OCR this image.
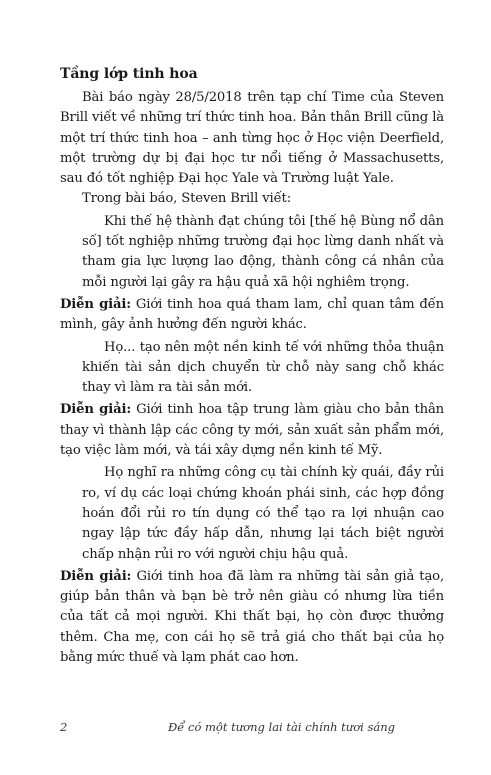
Tầng lớp tinh hoa

Bài báo ngày 28/5/2018 trên tạp chí Time của Steven Brill viết về những trí thức tinh hoa. Bản thân Brill cũng là một trí thức tinh hoa – anh từng học ở Học viện Deerfield, một trường dự bị đại học tư nổi tiếng ở Massachusetts, sau đó tốt nghiệp Đại học Yale và Trường luật Yale.

Trong bài báo, Steven Brill viết:

Khi thế hệ thành đạt chúng tôi [thế hệ Bùng nổ dân số] tốt nghiệp những trường đại học lừng danh nhất và tham gia lực lượng lao động, thành công cá nhân của mỗi người lại gây ra hậu quả xã hội nghiêm trọng.

Diễn giải: Giới tinh hoa quá tham lam, chỉ quan tâm đến mình, gây ảnh hưởng đến người khác.

Họ... tạo nên một nền kinh tế với những thỏa thuận khiến tài sản dịch chuyển từ chỗ này sang chỗ khác thay vì làm ra tài sản mới.

Diễn giải: Giới tinh hoa tập trung làm giàu cho bản thân thay vì thành lập các công ty mới, sản xuất sản phẩm mới, tạo việc làm mới, và tái xây dựng nền kinh tế Mỹ.

Họ nghĩ ra những công cụ tài chính kỳ quái, đầy rủi ro, ví dụ các loại chứng khoán phái sinh, các hợp đồng hoán đổi rủi ro tín dụng có thể tạo ra lợi nhuận cao ngay lập tức đầy hấp dẫn, nhưng lại tách biệt người chấp nhận rủi ro với người chịu hậu quả.

Diễn giải: Giới tinh hoa đã làm ra những tài sản giả tạo, giúp bản thân và bạn bè trở nên giàu có nhưng lừa tiền của tất cả mọi người. Khi thất bại, họ còn được thưởng thêm. Cha mẹ, con cái họ sẽ trả giá cho thất bại của họ bằng mức thuế và lạm phát cao hơn.

2	Để có một tương lai tài chính tươi sáng
